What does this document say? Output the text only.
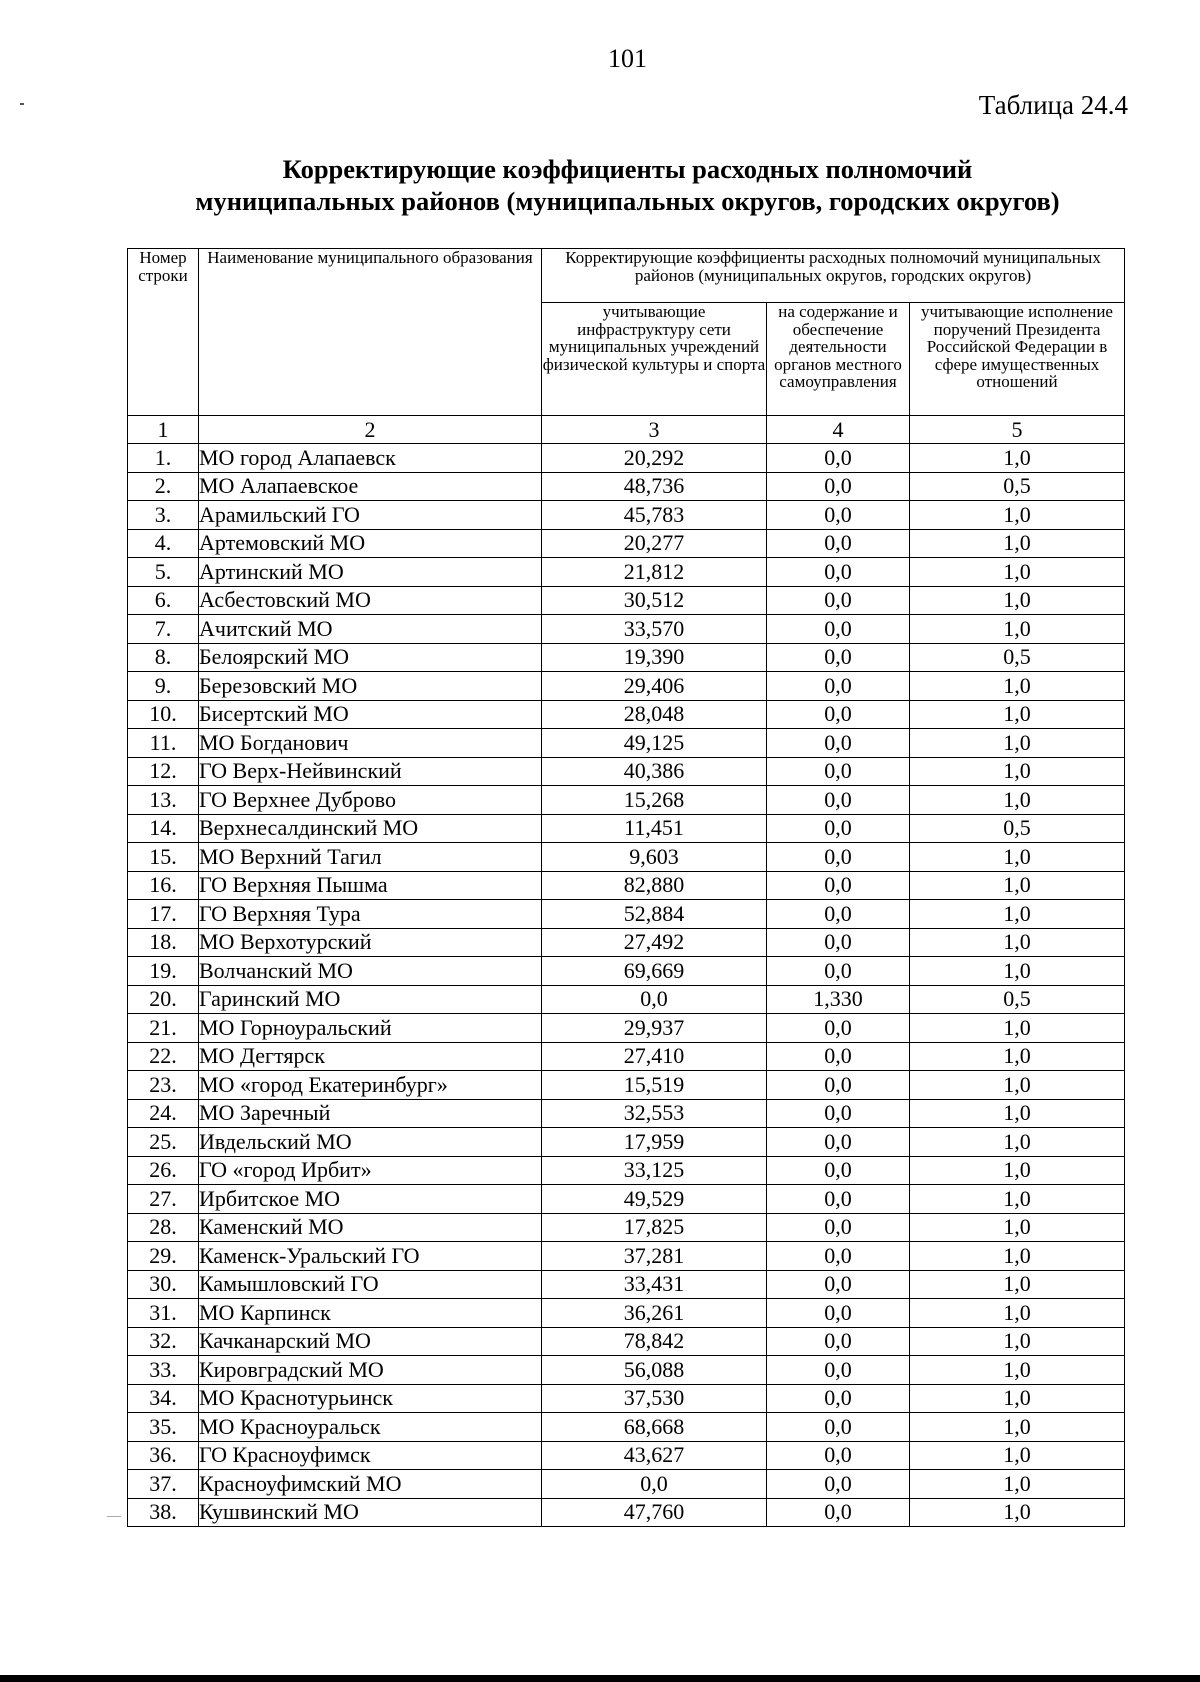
101
Таблица 24.4
Корректирующие коэффициенты расходных полномочий
муниципальных районов (муниципальных округов, городских округов)
Номер строки	Наименование муниципального образования	Корректирующие коэффициенты расходных полномочий муниципальных районов (муниципальных округов, городских округов)		
		учитывающие инфраструктуру сети муниципальных учреждений физической культуры и спорта	на содержание и обеспечение деятельности органов местного самоуправления	учитывающие исполнение поручений Президента Российской Федерации в сфере имущественных отношений
1	2	3	4	5
1.	МО город Алапаевск	20,292	0,0	1,0
2.	МО Алапаевское	48,736	0,0	0,5
3.	Арамильский ГО	45,783	0,0	1,0
4.	Артемовский МО	20,277	0,0	1,0
5.	Артинский МО	21,812	0,0	1,0
6.	Асбестовский МО	30,512	0,0	1,0
7.	Ачитский МО	33,570	0,0	1,0
8.	Белоярский МО	19,390	0,0	0,5
9.	Березовский МО	29,406	0,0	1,0
10.	Бисертский МО	28,048	0,0	1,0
11.	МО Богданович	49,125	0,0	1,0
12.	ГО Верх-Нейвинский	40,386	0,0	1,0
13.	ГО Верхнее Дуброво	15,268	0,0	1,0
14.	Верхнесалдинский МО	11,451	0,0	0,5
15.	МО Верхний Тагил	9,603	0,0	1,0
16.	ГО Верхняя Пышма	82,880	0,0	1,0
17.	ГО Верхняя Тура	52,884	0,0	1,0
18.	МО Верхотурский	27,492	0,0	1,0
19.	Волчанский МО	69,669	0,0	1,0
20.	Гаринский МО	0,0	1,330	0,5
21.	МО Горноуральский	29,937	0,0	1,0
22.	МО Дегтярск	27,410	0,0	1,0
23.	МО «город Екатеринбург»	15,519	0,0	1,0
24.	МО Заречный	32,553	0,0	1,0
25.	Ивдельский МО	17,959	0,0	1,0
26.	ГО «город Ирбит»	33,125	0,0	1,0
27.	Ирбитское МО	49,529	0,0	1,0
28.	Каменский МО	17,825	0,0	1,0
29.	Каменск-Уральский ГО	37,281	0,0	1,0
30.	Камышловский ГО	33,431	0,0	1,0
31.	МО Карпинск	36,261	0,0	1,0
32.	Качканарский МО	78,842	0,0	1,0
33.	Кировградский МО	56,088	0,0	1,0
34.	МО Краснотурьинск	37,530	0,0	1,0
35.	МО Красноуральск	68,668	0,0	1,0
36.	ГО Красноуфимск	43,627	0,0	1,0
37.	Красноуфимский МО	0,0	0,0	1,0
38.	Кушвинский МО	47,760	0,0	1,0
